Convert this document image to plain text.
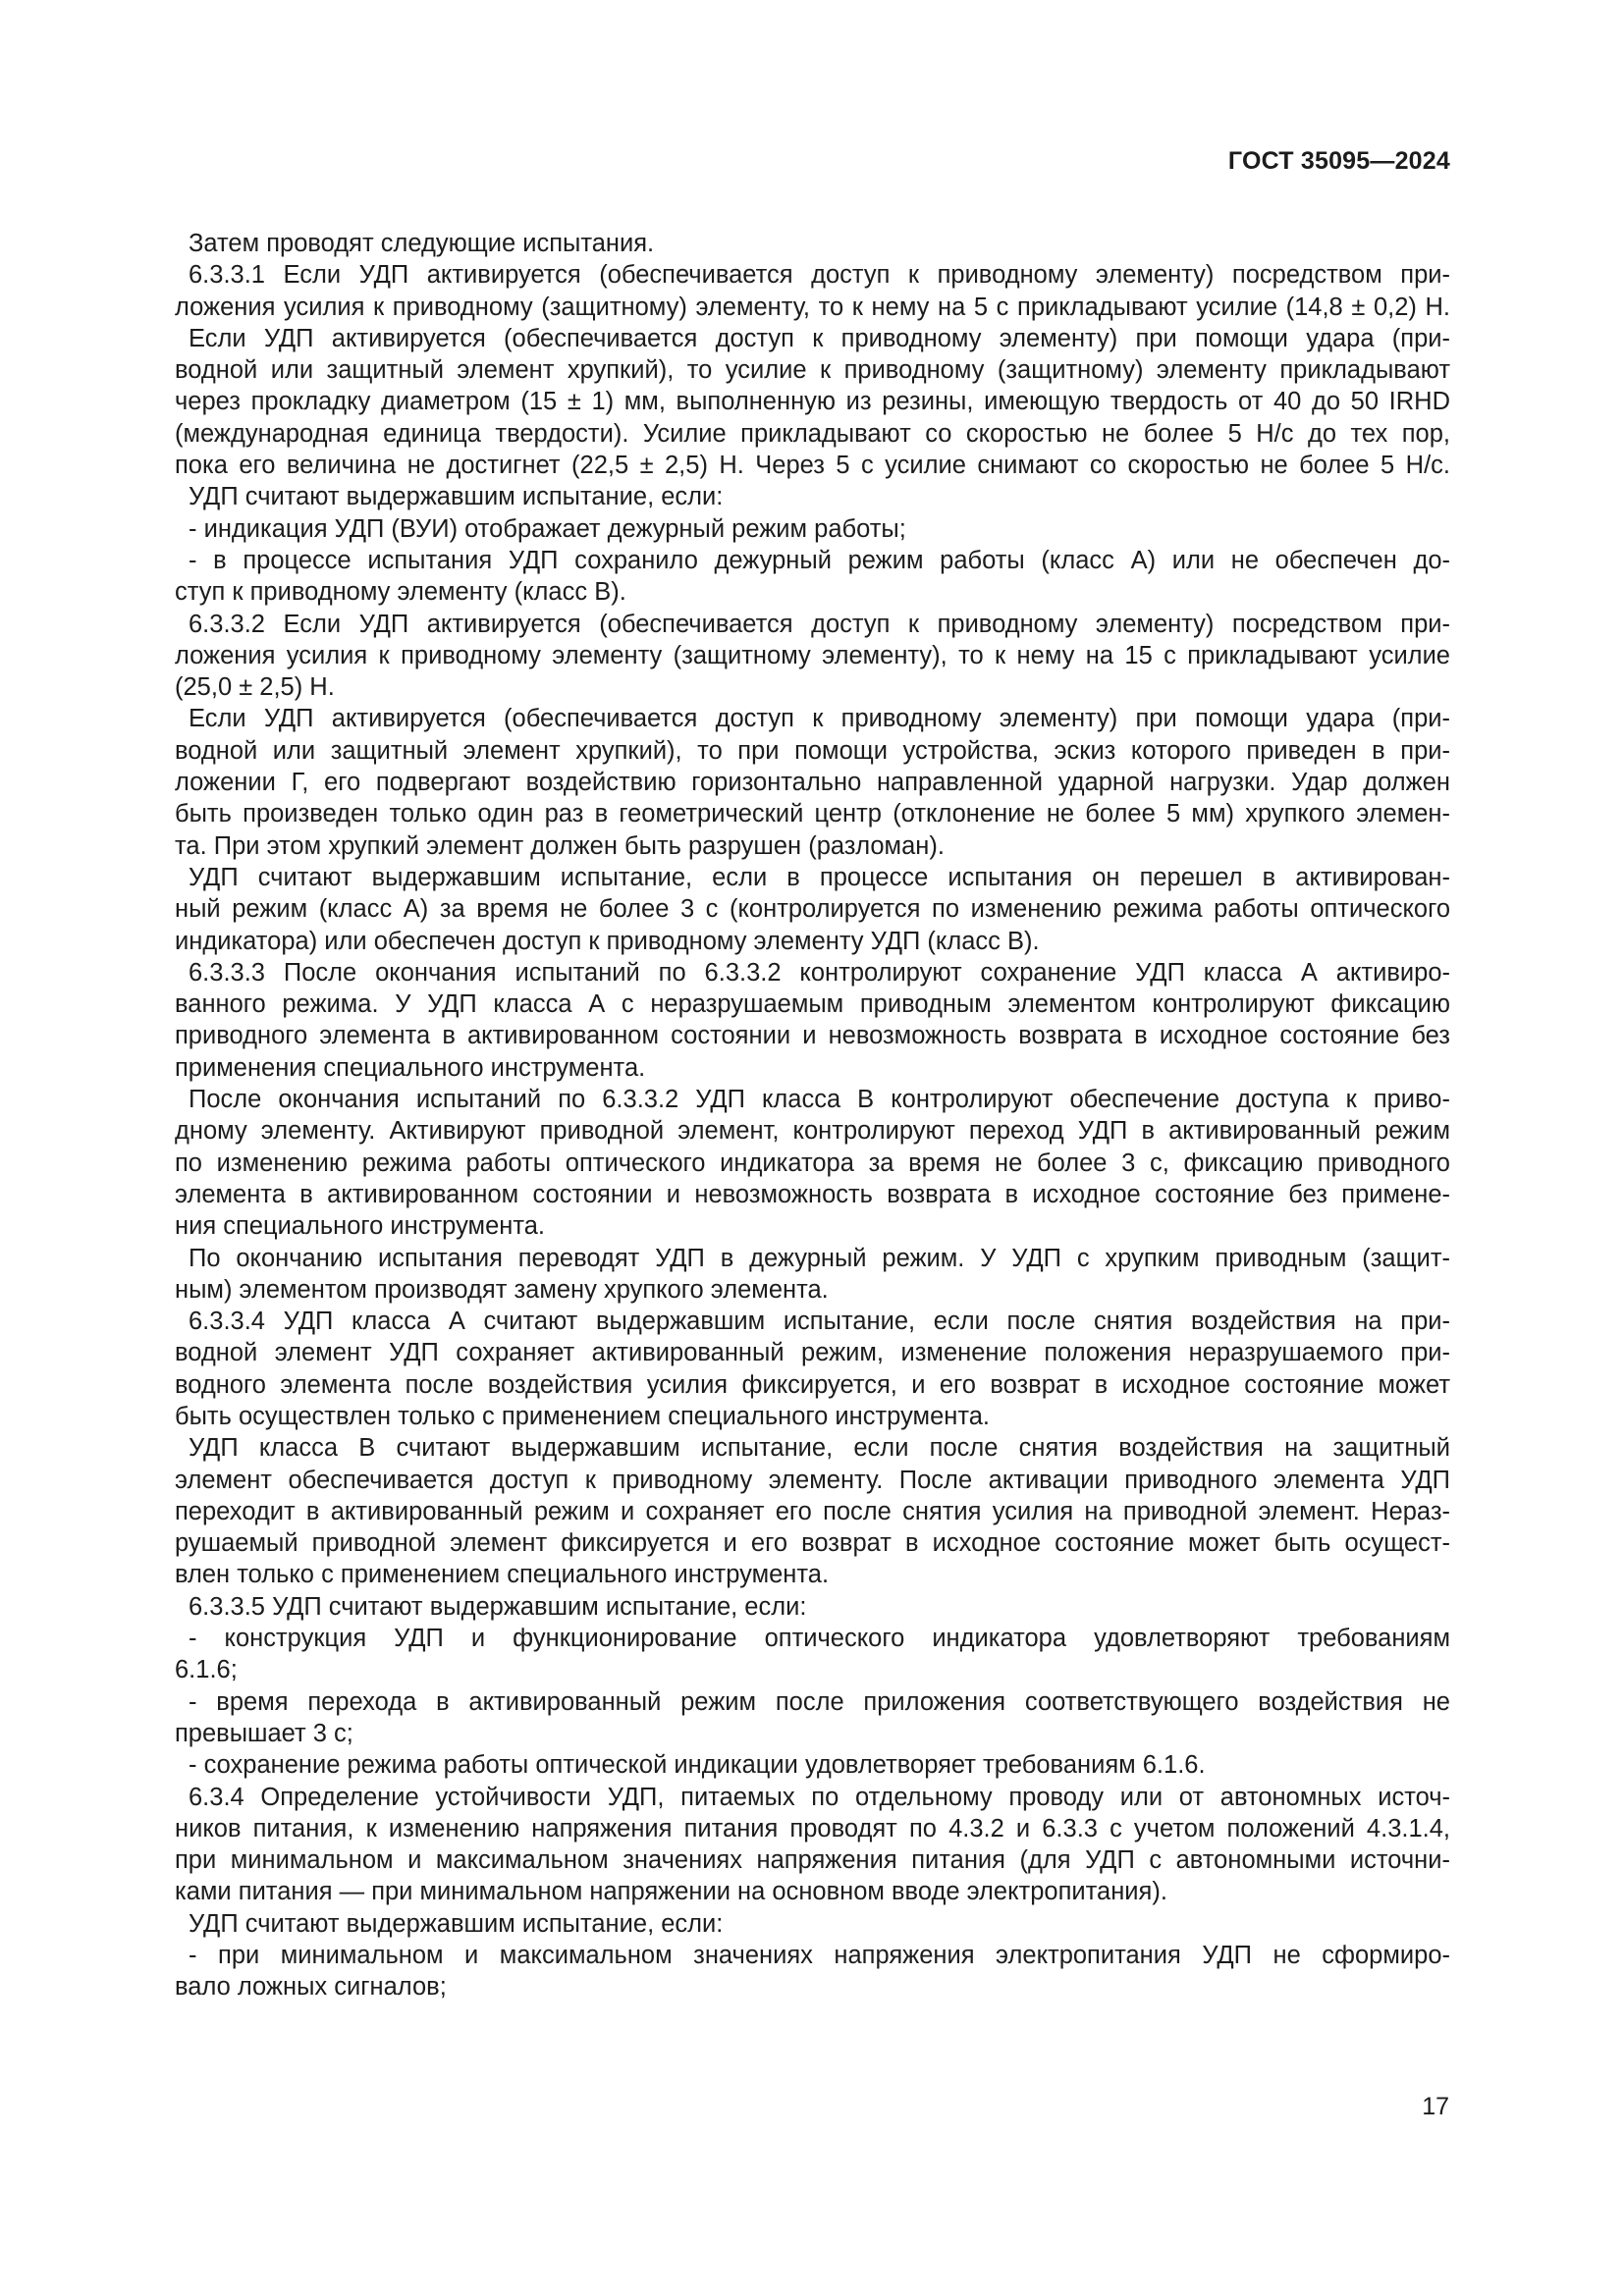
ГОСТ 35095—2024
Затем проводят следующие испытания.
6.3.3.1 Если УДП активируется (обеспечивается доступ к приводному элементу) посредством при-
ложения усилия к приводному (защитному) элементу, то к нему на 5 с прикладывают усилие (14,8 ± 0,2) Н.
Если УДП активируется (обеспечивается доступ к приводному элементу) при помощи удара (при-
водной или защитный элемент хрупкий), то усилие к приводному (защитному) элементу прикладывают
через прокладку диаметром (15 ± 1) мм, выполненную из резины, имеющую твердость от 40 до 50 IRHD
(международная единица твердости). Усилие прикладывают со скоростью не более 5 Н/с до тех пор,
пока его величина не достигнет (22,5 ± 2,5) Н. Через 5 с усилие снимают со скоростью не более 5 Н/с.
УДП считают выдержавшим испытание, если:
- индикация УДП (ВУИ) отображает дежурный режим работы;
- в процессе испытания УДП сохранило дежурный режим работы (класс А) или не обеспечен до-
ступ к приводному элементу (класс В).
6.3.3.2 Если УДП активируется (обеспечивается доступ к приводному элементу) посредством при-
ложения усилия к приводному элементу (защитному элементу), то к нему на 15 с прикладывают усилие
(25,0 ± 2,5) Н.
Если УДП активируется (обеспечивается доступ к приводному элементу) при помощи удара (при-
водной или защитный элемент хрупкий), то при помощи устройства, эскиз которого приведен в при-
ложении Г, его подвергают воздействию горизонтально направленной ударной нагрузки. Удар должен
быть произведен только один раз в геометрический центр (отклонение не более 5 мм) хрупкого элемен-
та. При этом хрупкий элемент должен быть разрушен (разломан).
УДП считают выдержавшим испытание, если в процессе испытания он перешел в активирован-
ный режим (класс А) за время не более 3 с (контролируется по изменению режима работы оптического
индикатора) или обеспечен доступ к приводному элементу УДП (класс В).
6.3.3.3 После окончания испытаний по 6.3.3.2 контролируют сохранение УДП класса А активиро-
ванного режима. У УДП класса А с неразрушаемым приводным элементом контролируют фиксацию
приводного элемента в активированном состоянии и невозможность возврата в исходное состояние без
применения специального инструмента.
После окончания испытаний по 6.3.3.2 УДП класса В контролируют обеспечение доступа к приво-
дному элементу. Активируют приводной элемент, контролируют переход УДП в активированный режим
по изменению режима работы оптического индикатора за время не более 3 с, фиксацию приводного
элемента в активированном состоянии и невозможность возврата в исходное состояние без примене-
ния специального инструмента.
По окончанию испытания переводят УДП в дежурный режим. У УДП с хрупким приводным (защит-
ным) элементом производят замену хрупкого элемента.
6.3.3.4 УДП класса А считают выдержавшим испытание, если после снятия воздействия на при-
водной элемент УДП сохраняет активированный режим, изменение положения неразрушаемого при-
водного элемента после воздействия усилия фиксируется, и его возврат в исходное состояние может
быть осуществлен только с применением специального инструмента.
УДП класса В считают выдержавшим испытание, если после снятия воздействия на защитный
элемент обеспечивается доступ к приводному элементу. После активации приводного элемента УДП
переходит в активированный режим и сохраняет его после снятия усилия на приводной элемент. Нераз-
рушаемый приводной элемент фиксируется и его возврат в исходное состояние может быть осущест-
влен только с применением специального инструмента.
6.3.3.5 УДП считают выдержавшим испытание, если:
- конструкция УДП и функционирование оптического индикатора удовлетворяют требованиям
6.1.6;
- время перехода в активированный режим после приложения соответствующего воздействия не
превышает 3 с;
- сохранение режима работы оптической индикации удовлетворяет требованиям 6.1.6.
6.3.4 Определение устойчивости УДП, питаемых по отдельному проводу или от автономных источ-
ников питания, к изменению напряжения питания проводят по 4.3.2 и 6.3.3 с учетом положений 4.3.1.4,
при минимальном и максимальном значениях напряжения питания (для УДП с автономными источни-
ками питания — при минимальном напряжении на основном вводе электропитания).
УДП считают выдержавшим испытание, если:
- при минимальном и максимальном значениях напряжения электропитания УДП не сформиро-
вало ложных сигналов;
17
